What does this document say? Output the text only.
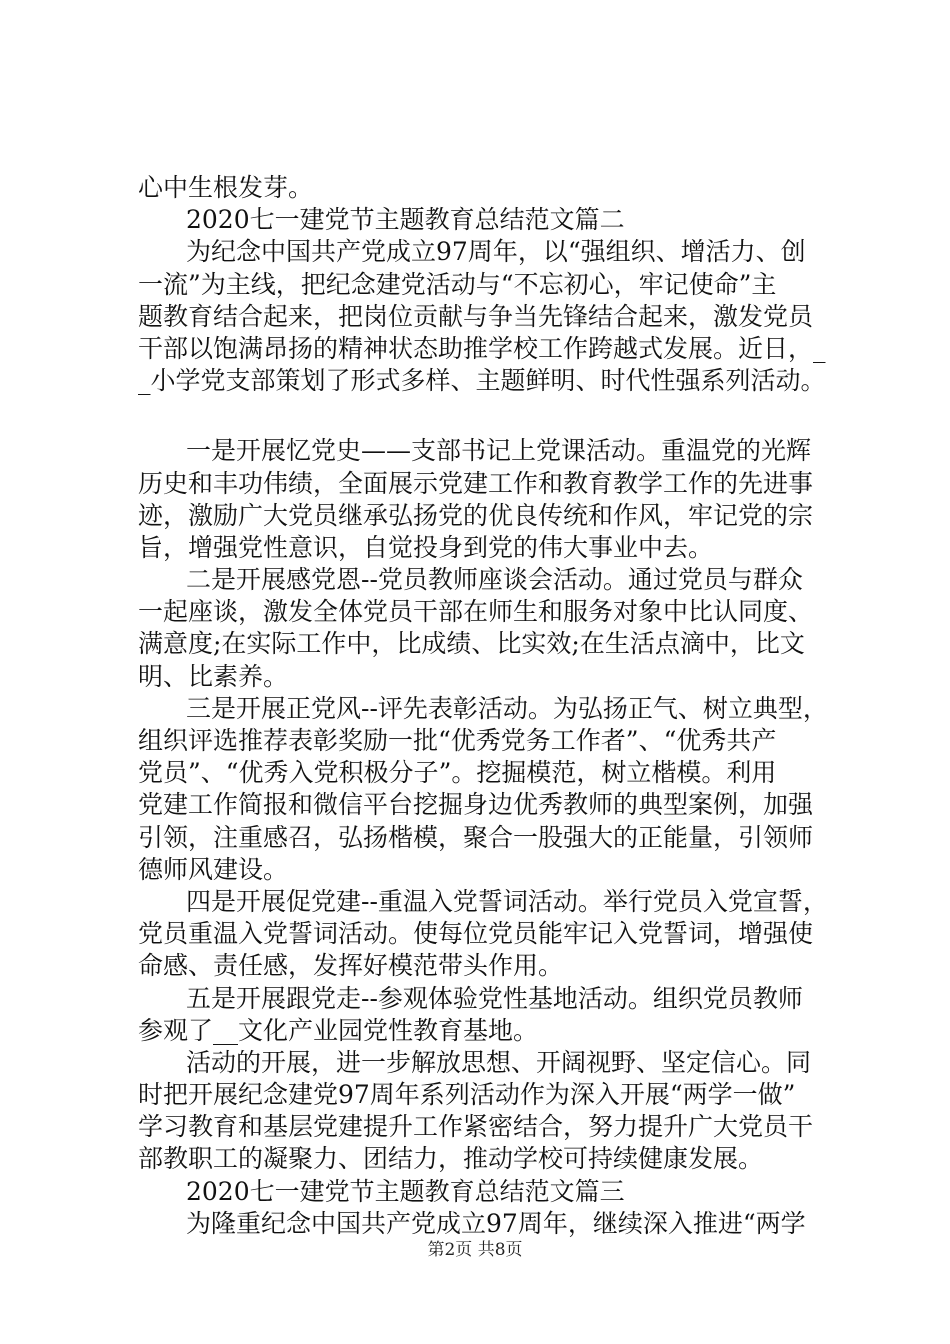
心中生根发芽。
2020七一建党节主题教育总结范文篇二
为纪念中国共产党成立97周年，以“强组织、增活力、创
一流”为主线，把纪念建党活动与“不忘初心，牢记使命”主
题教育结合起来，把岗位贡献与争当先锋结合起来，激发党员
干部以饱满昂扬的精神状态助推学校工作跨越式发展。近日，_
_小学党支部策划了形式多样、主题鲜明、时代性强系列活动。
一是开展忆党史——支部书记上党课活动。重温党的光辉
历史和丰功伟绩，全面展示党建工作和教育教学工作的先进事
迹，激励广大党员继承弘扬党的优良传统和作风，牢记党的宗
旨，增强党性意识，自觉投身到党的伟大事业中去。
二是开展感党恩--党员教师座谈会活动。通过党员与群众
一起座谈，激发全体党员干部在师生和服务对象中比认同度、
满意度;在实际工作中，比成绩、比实效;在生活点滴中，比文
明、比素养。
三是开展正党风--评先表彰活动。为弘扬正气、树立典型，
组织评选推荐表彰奖励一批“优秀党务工作者”、“优秀共产
党员”、“优秀入党积极分子”。挖掘模范，树立楷模。利用
党建工作简报和微信平台挖掘身边优秀教师的典型案例，加强
引领，注重感召，弘扬楷模，聚合一股强大的正能量，引领师
德师风建设。
四是开展促党建--重温入党誓词活动。举行党员入党宣誓，
党员重温入党誓词活动。使每位党员能牢记入党誓词，增强使
命感、责任感，发挥好模范带头作用。
五是开展跟党走--参观体验党性基地活动。组织党员教师
参观了__文化产业园党性教育基地。
活动的开展，进一步解放思想、开阔视野、坚定信心。同
时把开展纪念建党97周年系列活动作为深入开展“两学一做”
学习教育和基层党建提升工作紧密结合，努力提升广大党员干
部教职工的凝聚力、团结力，推动学校可持续健康发展。
2020七一建党节主题教育总结范文篇三
为隆重纪念中国共产党成立97周年，继续深入推进“两学
第2页 共8页
